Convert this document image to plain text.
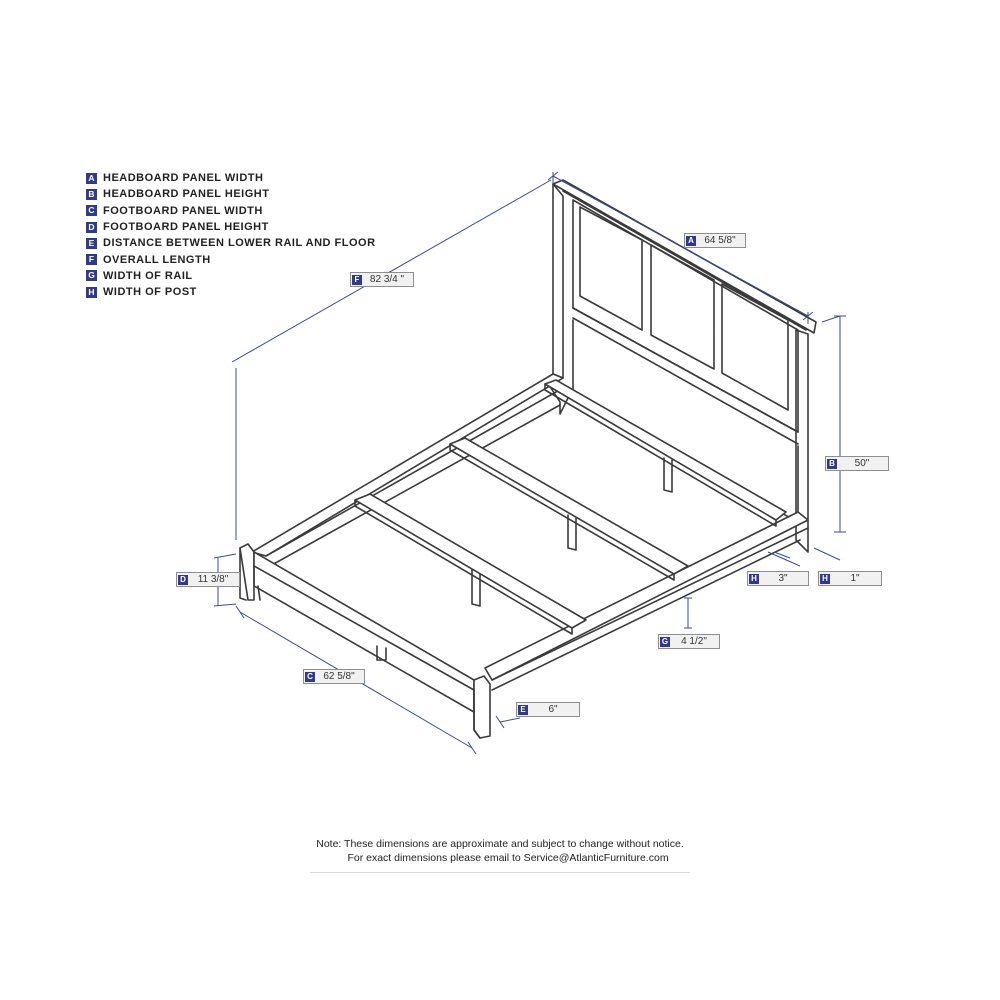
A HEADBOARD PANEL WIDTH
B HEADBOARD PANEL HEIGHT
C FOOTBOARD PANEL WIDTH
D FOOTBOARD PANEL HEIGHT
E DISTANCE BETWEEN LOWER RAIL AND FLOOR
F OVERALL LENGTH
G WIDTH OF RAIL
H WIDTH OF POST
A	64 5/8"
F	82 3/4 "
B	50"
H	3"	H	1"
D	11 3/8"
G	4 1/2"
C	62 5/8"
E	6"
Note: These dimensions are approximate and subject to change without notice.
For exact dimensions please email to Service@AtlanticFurniture.com
